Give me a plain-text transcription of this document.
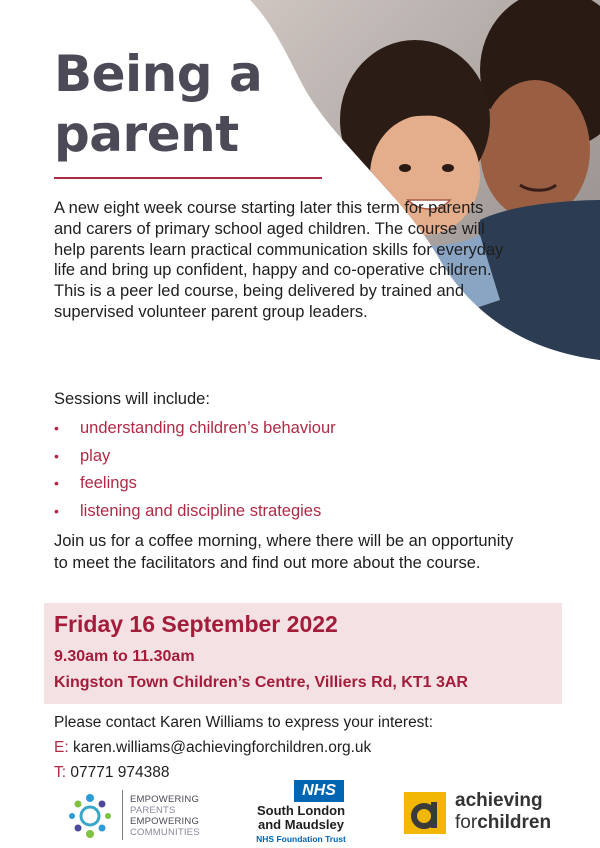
Being a
parent

A new eight week course starting later this term for parents and carers of primary school aged children. The course will help parents learn practical communication skills for everyday life and bring up confident, happy and co-operative children. This is a peer led course, being delivered by trained and supervised volunteer parent group leaders.

Sessions will include:
• understanding children’s behaviour
• play
• feelings
• listening and discipline strategies

Join us for a coffee morning, where there will be an opportunity to meet the facilitators and find out more about the course.

Friday 16 September 2022
9.30am to 11.30am
Kingston Town Children’s Centre, Villiers Rd, KT1 3AR
Please contact Karen Williams to express your interest:
E: karen.williams@achievingforchildren.org.uk
T: 07771 974388
EMPOWERING
PARENTS
EMPOWERING
COMMUNITIES
NHS
South London
and Maudsley
NHS Foundation Trust
achieving
forchildren
